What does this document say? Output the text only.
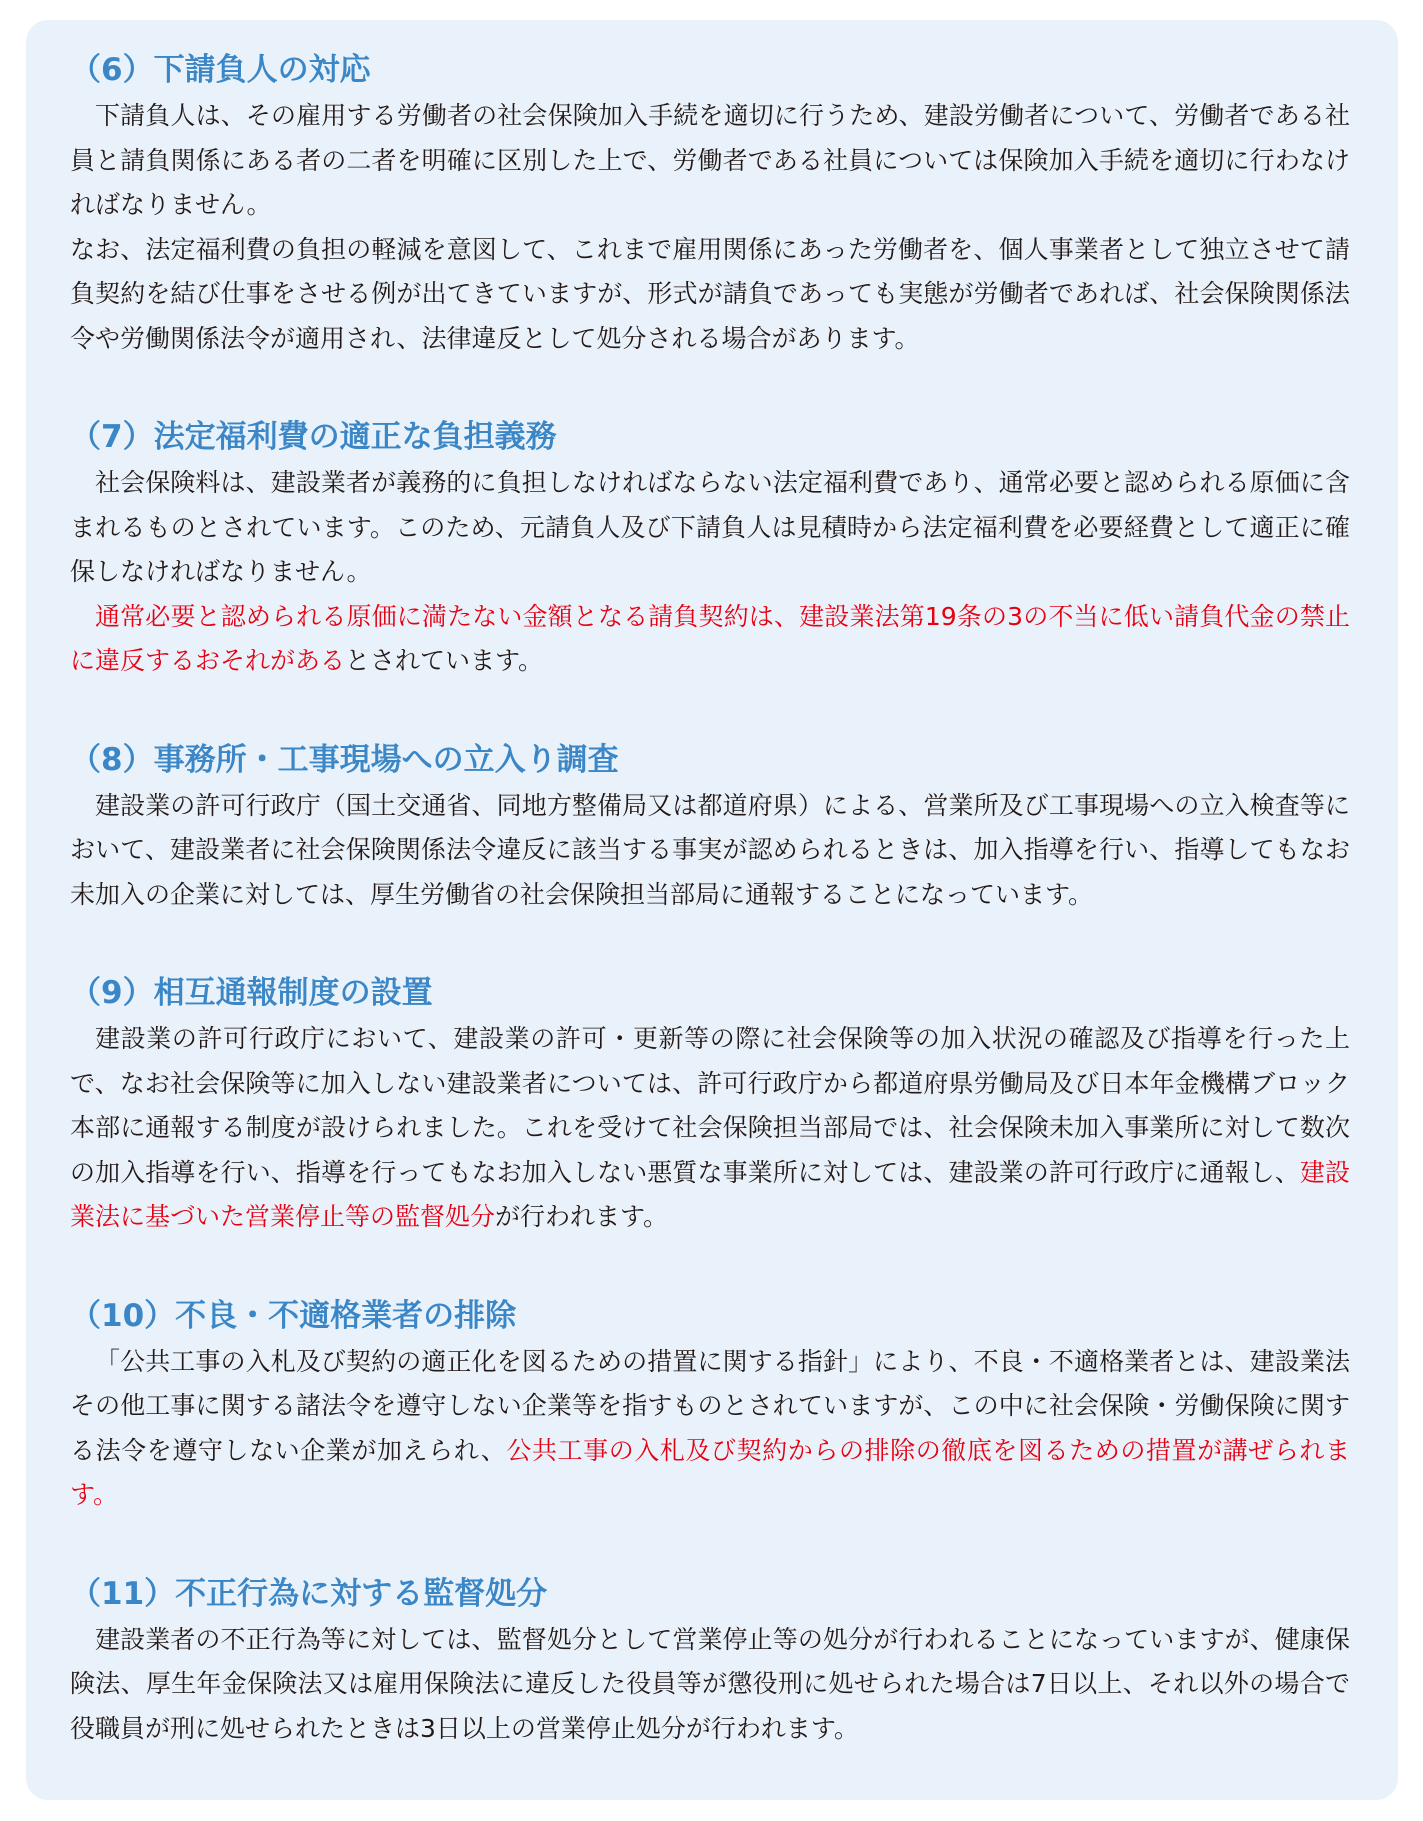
（6）下請負人の対応

下請負人は、その雇用する労働者の社会保険加入手続を適切に行うため、建設労働者について、労働者である社員と請負関係にある者の二者を明確に区別した上で、労働者である社員については保険加入手続を適切に行わなければなりません。

なお、法定福利費の負担の軽減を意図して、これまで雇用関係にあった労働者を、個人事業者として独立させて請負契約を結び仕事をさせる例が出てきていますが、形式が請負であっても実態が労働者であれば、社会保険関係法令や労働関係法令が適用され、法律違反として処分される場合があります。

（7）法定福利費の適正な負担義務

社会保険料は、建設業者が義務的に負担しなければならない法定福利費であり、通常必要と認められる原価に含まれるものとされています。このため、元請負人及び下請負人は見積時から法定福利費を必要経費として適正に確保しなければなりません。

通常必要と認められる原価に満たない金額となる請負契約は、建設業法第19条の3の不当に低い請負代金の禁止に違反するおそれがあるとされています。

（8）事務所・工事現場への立入り調査

建設業の許可行政庁（国土交通省、同地方整備局又は都道府県）による、営業所及び工事現場への立入検査等において、建設業者に社会保険関係法令違反に該当する事実が認められるときは、加入指導を行い、指導してもなお未加入の企業に対しては、厚生労働省の社会保険担当部局に通報することになっています。

（9）相互通報制度の設置

建設業の許可行政庁において、建設業の許可・更新等の際に社会保険等の加入状況の確認及び指導を行った上で、なお社会保険等に加入しない建設業者については、許可行政庁から都道府県労働局及び日本年金機構ブロック本部に通報する制度が設けられました。これを受けて社会保険担当部局では、社会保険未加入事業所に対して数次の加入指導を行い、指導を行ってもなお加入しない悪質な事業所に対しては、建設業の許可行政庁に通報し、建設業法に基づいた営業停止等の監督処分が行われます。

（10）不良・不適格業者の排除

「公共工事の入札及び契約の適正化を図るための措置に関する指針」により、不良・不適格業者とは、建設業法その他工事に関する諸法令を遵守しない企業等を指すものとされていますが、この中に社会保険・労働保険に関する法令を遵守しない企業が加えられ、公共工事の入札及び契約からの排除の徹底を図るための措置が講ぜられます。

（11）不正行為に対する監督処分

建設業者の不正行為等に対しては、監督処分として営業停止等の処分が行われることになっていますが、健康保険法、厚生年金保険法又は雇用保険法に違反した役員等が懲役刑に処せられた場合は7日以上、それ以外の場合で役職員が刑に処せられたときは3日以上の営業停止処分が行われます。
